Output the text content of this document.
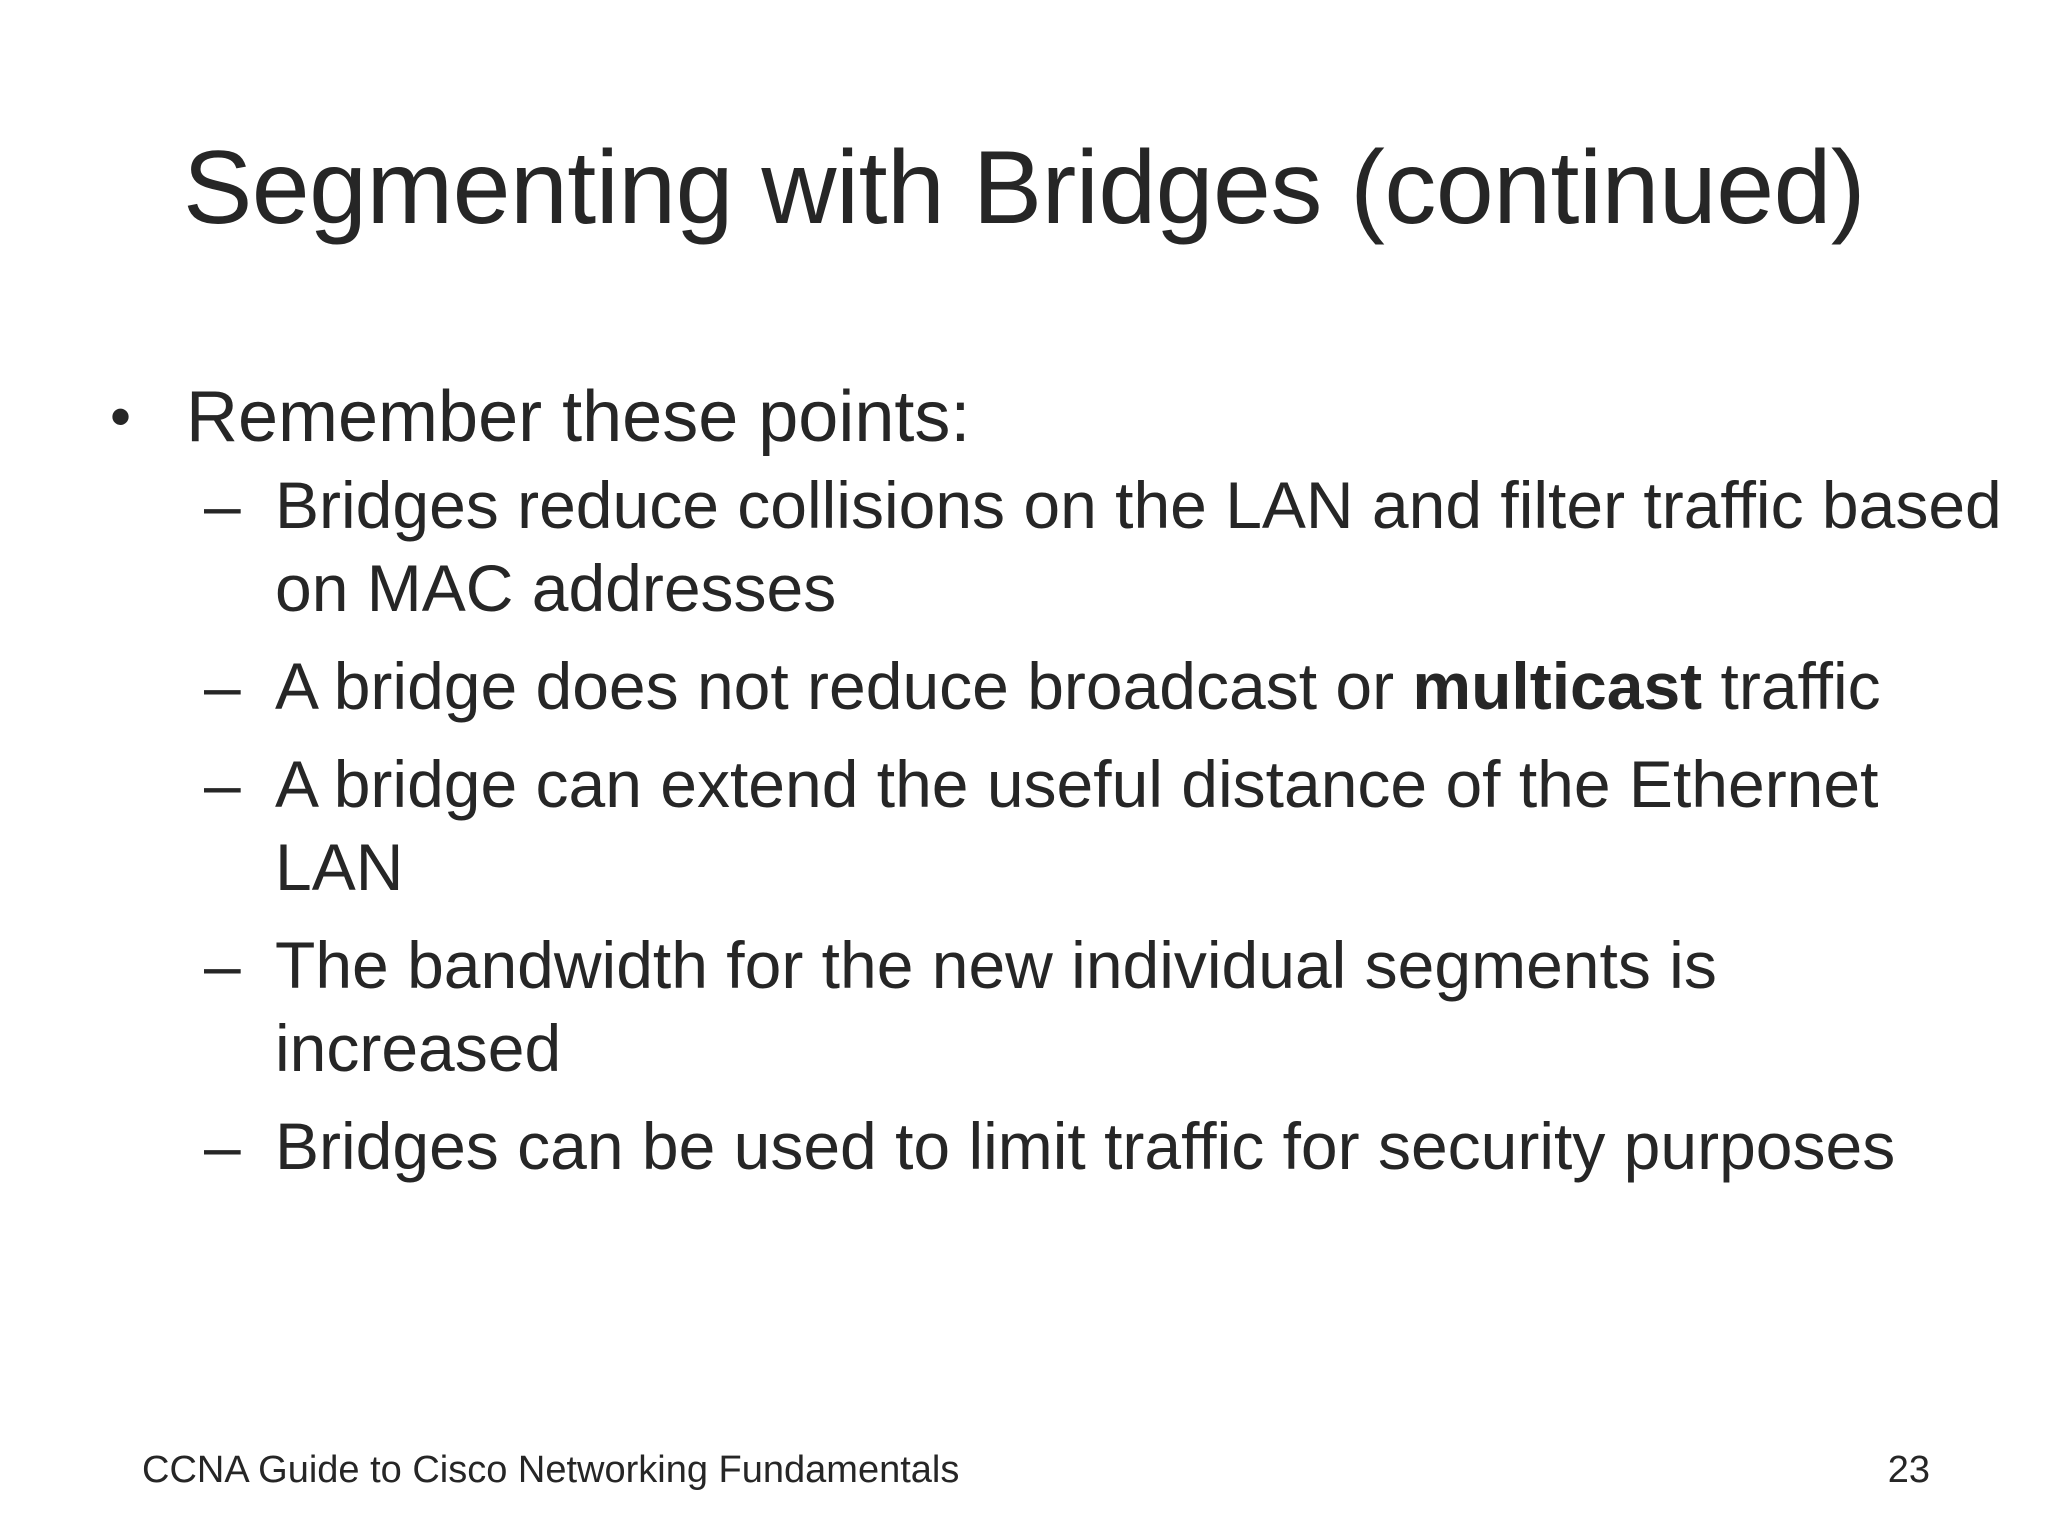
Segmenting with Bridges (continued)
• Remember these points:
– Bridges reduce collisions on the LAN and filter traffic based on MAC addresses
– A bridge does not reduce broadcast or multicast traffic
– A bridge can extend the useful distance of the Ethernet LAN
– The bandwidth for the new individual segments is increased
– Bridges can be used to limit traffic for security purposes
CCNA Guide to Cisco Networking Fundamentals	23
